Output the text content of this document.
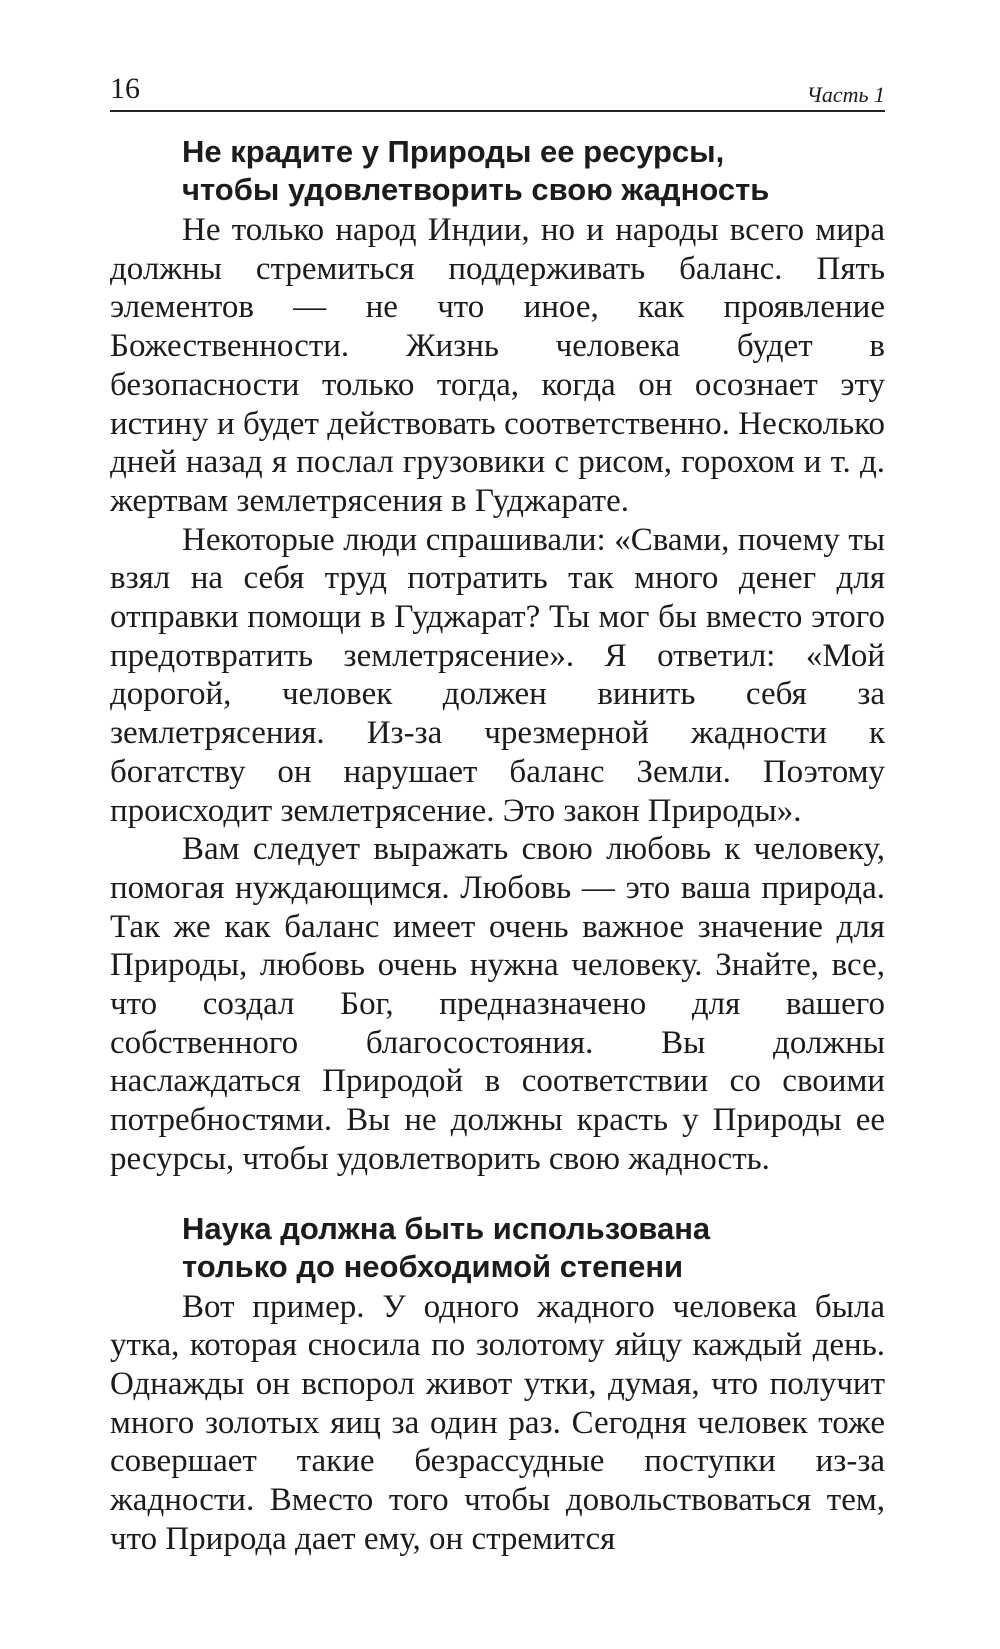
16	Часть 1
Не крадите у Природы ее ресурсы,
чтобы удовлетворить свою жадность

Не только народ Индии, но и народы всего мира должны стремиться поддерживать баланс. Пять элементов — не что иное, как проявление Божественности. Жизнь человека будет в безопасности только тогда, когда он осознает эту истину и будет действовать соответственно. Несколько дней назад я послал грузовики с рисом, горохом и т. д. жертвам землетрясения в Гуджарате.

Некоторые люди спрашивали: «Свами, почему ты взял на себя труд потратить так много денег для отправки помощи в Гуджарат? Ты мог бы вместо этого предотвратить землетрясение». Я ответил: «Мой дорогой, человек должен винить себя за землетрясения. Из-за чрезмерной жадности к богатству он нарушает баланс Земли. Поэтому происходит землетрясение. Это закон Природы».

Вам следует выражать свою любовь к человеку, помогая нуждающимся. Любовь — это ваша природа. Так же как баланс имеет очень важное значение для Природы, любовь очень нужна человеку. Знайте, все, что создал Бог, предназначено для вашего собственного благосостояния. Вы должны наслаждаться Природой в соответствии со своими потребностями. Вы не должны красть у Природы ее ресурсы, чтобы удовлетворить свою жадность.

Наука должна быть использована
только до необходимой степени

Вот пример. У одного жадного человека была утка, которая сносила по золотому яйцу каждый день. Однажды он вспорол живот утки, думая, что получит много золотых яиц за один раз. Сегодня человек тоже совершает такие безрассудные поступки из-за жадности. Вместо того чтобы довольствоваться тем, что Природа дает ему, он стремится
